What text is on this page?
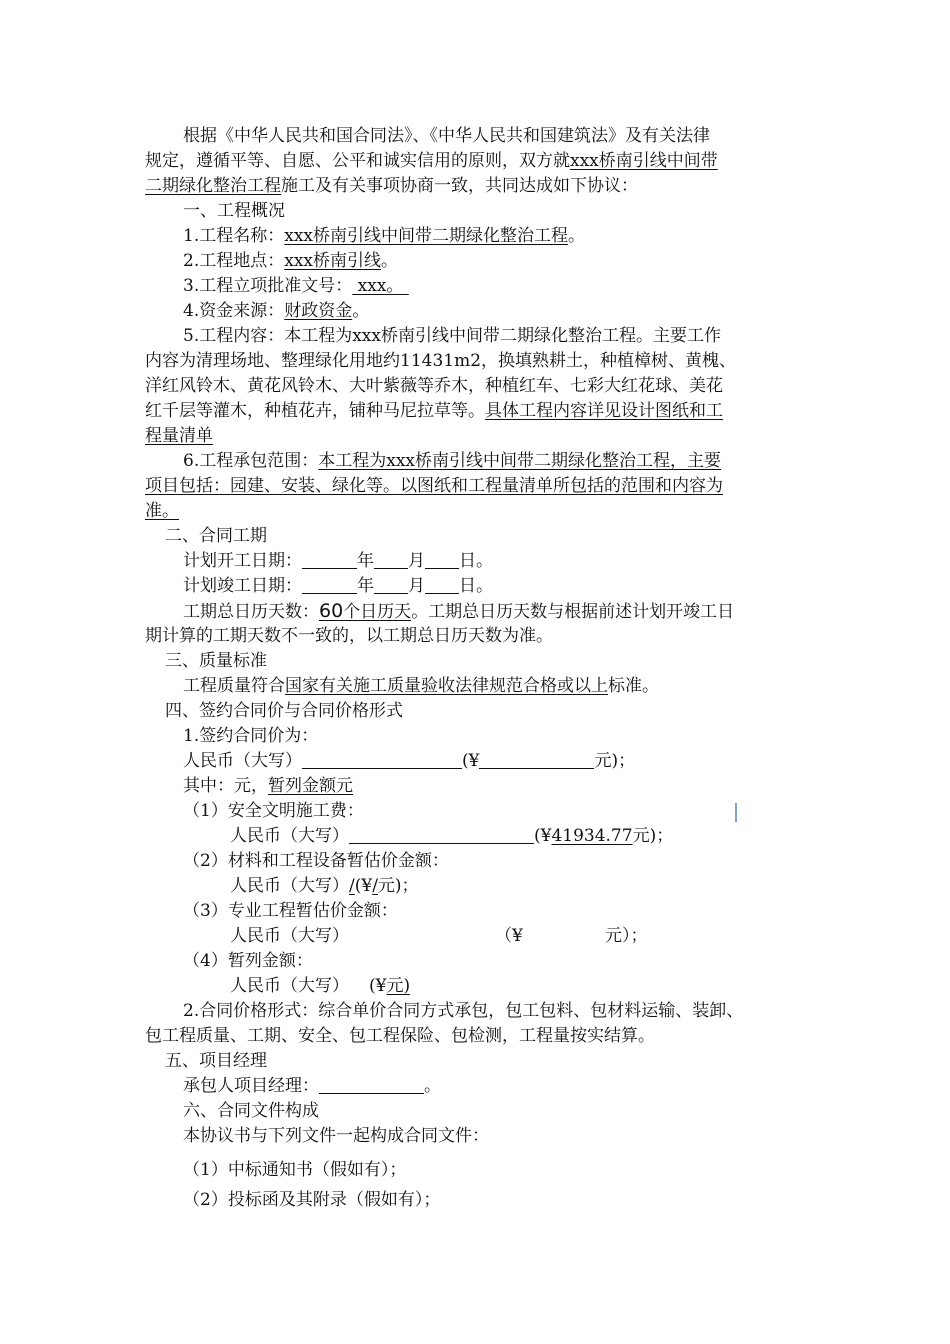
根据《中华人民共和国合同法》、《中华人民共和国建筑法》及有关法律
规定，遵循平等、自愿、公平和诚实信用的原则，双方就xxx桥南引线中间带
二期绿化整治工程施工及有关事项协商一致，共同达成如下协议：
一、工程概况
1.工程名称：xxx桥南引线中间带二期绿化整治工程。
2.工程地点：xxx桥南引线。
3.工程立项批准文号： xxx。
4.资金来源：财政资金。
5.工程内容：本工程为xxx桥南引线中间带二期绿化整治工程。主要工作
内容为清理场地、整理绿化用地约11431m2，换填熟耕土，种植樟树、黄槐、
洋红风铃木、黄花风铃木、大叶紫薇等乔木，种植红车、七彩大红花球、美花
红千层等灌木，种植花卉，铺种马尼拉草等。具体工程内容详见设计图纸和工
程量清单
6.工程承包范围：本工程为xxx桥南引线中间带二期绿化整治工程，主要
项目包括：园建、安装、绿化等。以图纸和工程量清单所包括的范围和内容为
准。
二、合同工期
计划开工日期：	年 月 日。
计划竣工日期：	年 月 日。
工期总日历天数：60个日历天。工期总日历天数与根据前述计划开竣工日
期计算的工期天数不一致的，以工期总日历天数为准。
三、质量标准
工程质量符合国家有关施工质量验收法律规范合格或以上标准。
四、签约合同价与合同价格形式
1.签约合同价为：
人民币（大写）	(¥	元)；
其中：元，暂列金额元
（1）安全文明施工费：
人民币（大写）	(¥41934.77元)；
（2）材料和工程设备暂估价金额：
人民币（大写）/(¥/元)；
（3）专业工程暂估价金额：
人民币（大写）	（¥	元）；
（4）暂列金额：
人民币（大写） (¥元)
2.合同价格形式：综合单价合同方式承包，包工包料、包材料运输、装卸、
包工程质量、工期、安全、包工程保险、包检测，工程量按实结算。
五、项目经理
承包人项目经理：	。
六、合同文件构成
本协议书与下列文件一起构成合同文件：
（1）中标通知书（假如有）；
（2）投标函及其附录（假如有）；
